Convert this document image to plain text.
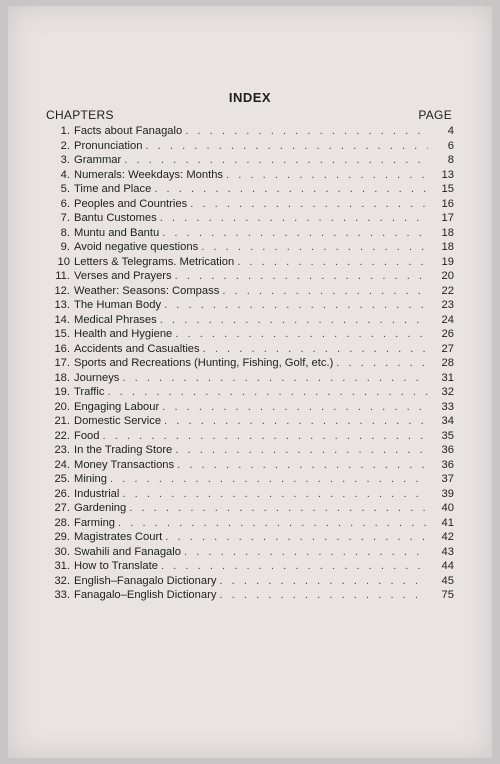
INDEX
CHAPTERS	PAGE
1. Facts about Fanagalo . . .	4
2. Pronunciation . . .	6
3. Grammar . . .	8
4. Numerals: Weekdays: Months . . .	13
5. Time and Place . . .	15
6. Peoples and Countries . . .	16
7. Bantu Customes . . .	17
8. Muntu and Bantu . . .	18
9. Avoid negative questions . . .	18
10 Letters & Telegrams. Metrication . . .	19
11. Verses and Prayers . . .	20
12. Weather: Seasons: Compass . . .	22
13. The Human Body . . .	23
14. Medical Phrases . . .	24
15. Health and Hygiene . . .	26
16. Accidents and Casualties . . .	27
17. Sports and Recreations (Hunting, Fishing, Golf, etc.) . . .	28
18. Journeys . . .	31
19. Traffic . . .	32
20. Engaging Labour . . .	33
21. Domestic Service . . .	34
22. Food . . .	35
23. In the Trading Store . . .	36
24. Money Transactions . . .	36
25. Mining . . .	37
26. Industrial . . .	39
27. Gardening . . .	40
28. Farming . . .	41
29. Magistrates Court . . .	42
30. Swahili and Fanagalo . . .	43
31. How to Translate . . .	44
32. English–Fanagalo Dictionary . . .	45
33. Fanagalo–English Dictionary . . .	75
